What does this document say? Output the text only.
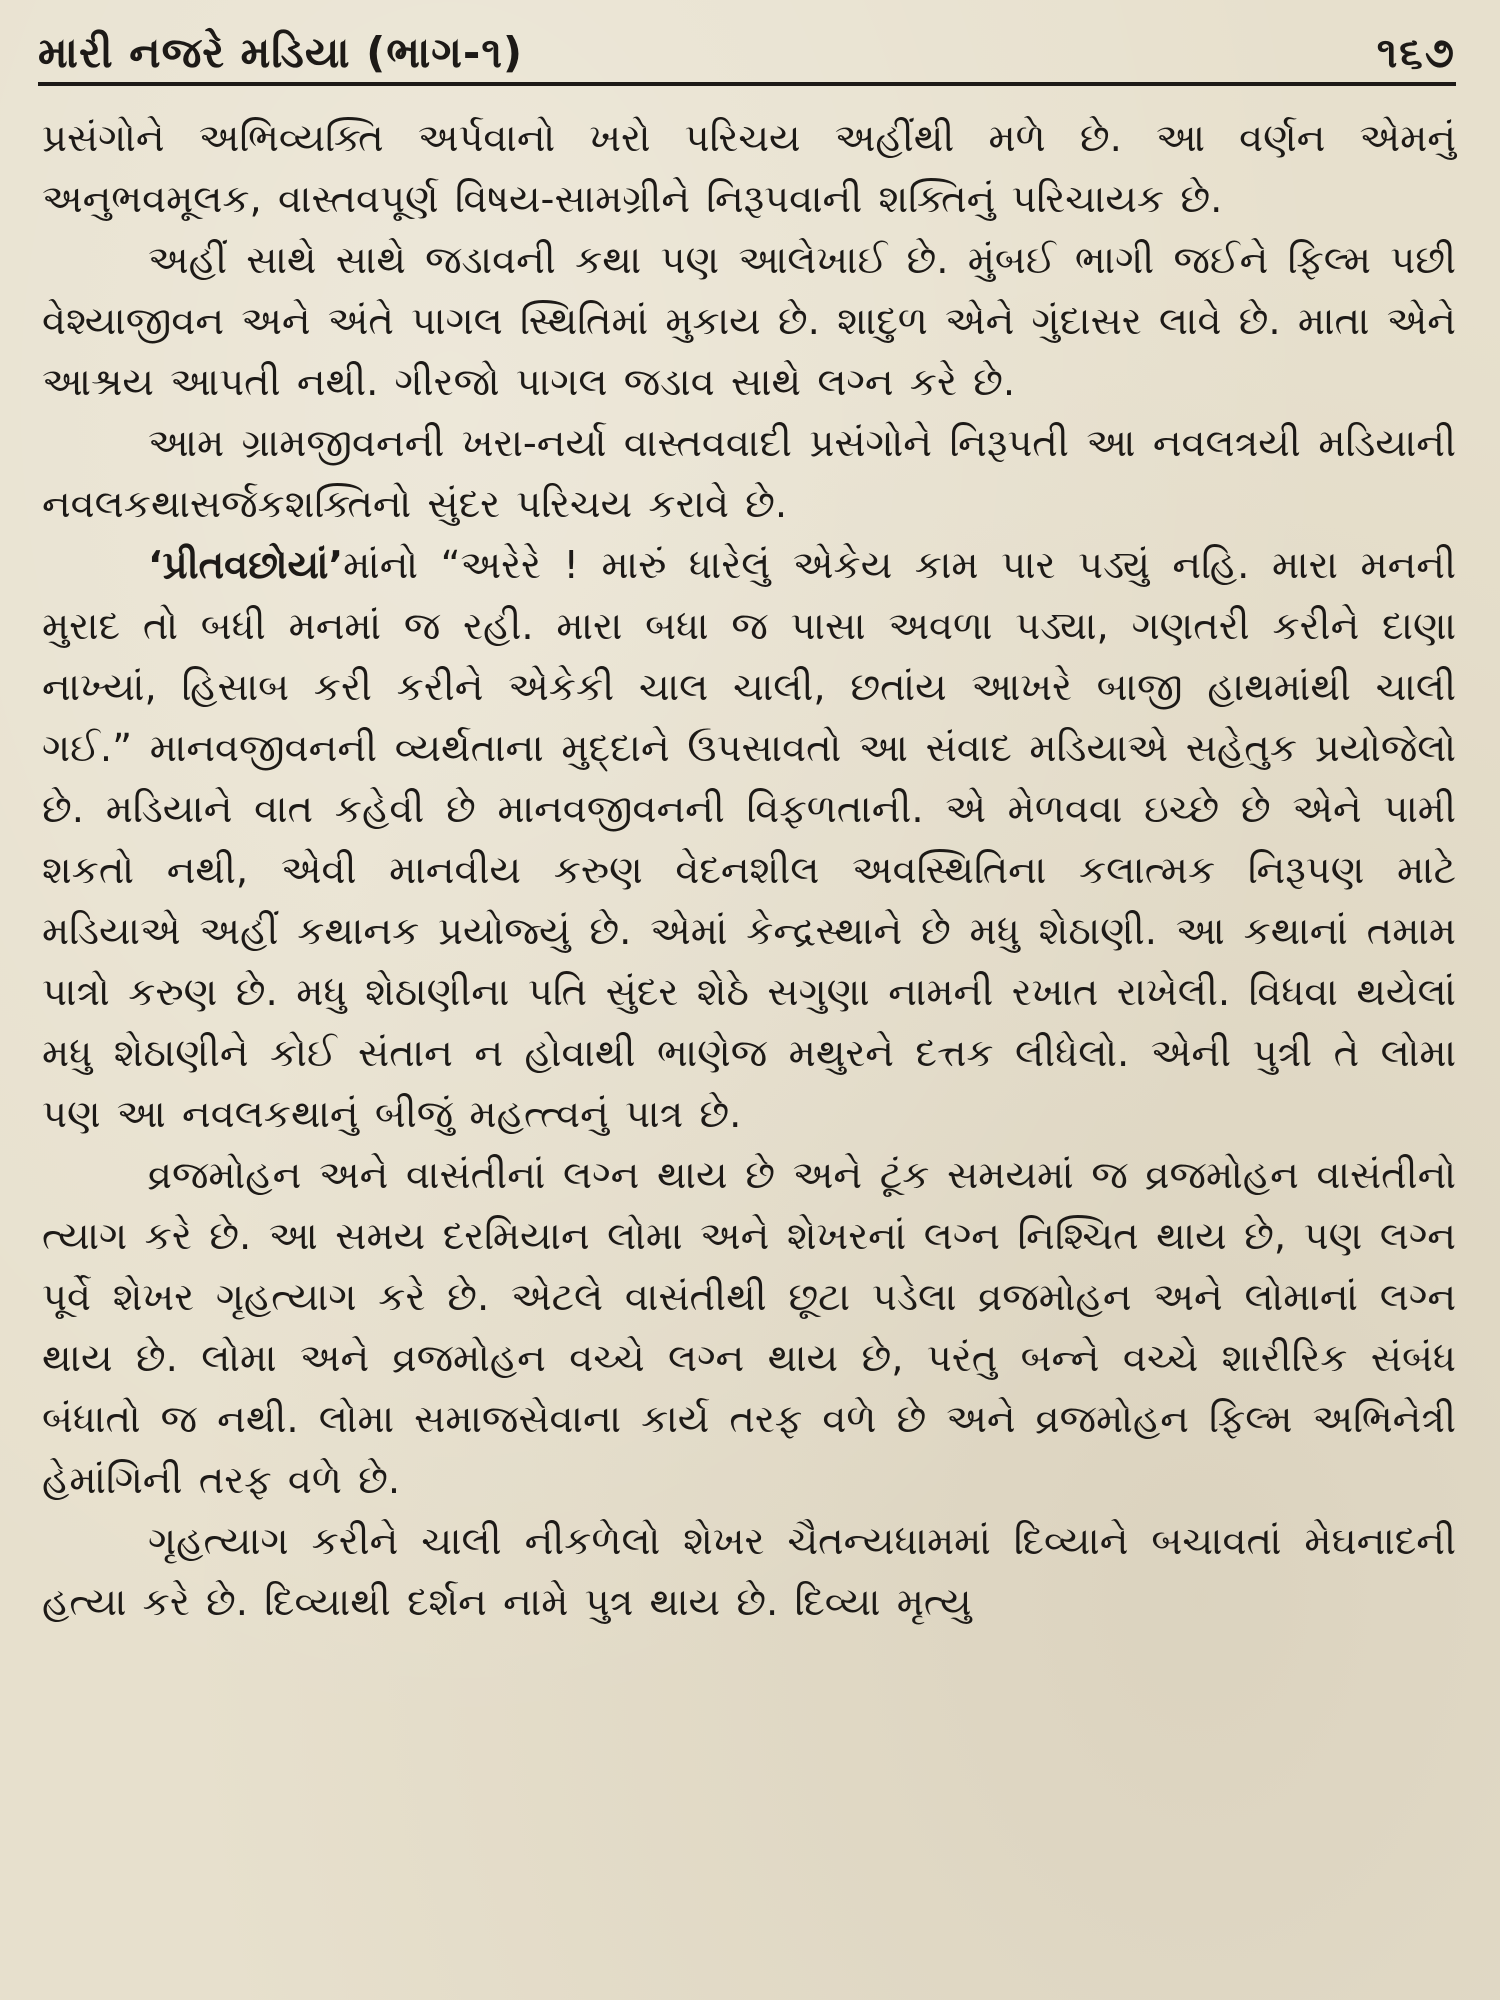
મારી નજરે મડિયા (ભાગ-૧)	૧૬૭

પ્રસંગોને અભિવ્યક્તિ અર્પવાનો ખરો પરિચય અહીંથી મળે છે. આ વર્ણન એમનું અનુભવમૂલક, વાસ્તવપૂર્ણ વિષય-સામગ્રીને નિરૂપવાની શક્તિનું પરિચાયક છે.

અહીં સાથે સાથે જડાવની કથા પણ આલેખાઈ છે. મુંબઈ ભાગી જઈને ફિલ્મ પછી વેશ્યાજીવન અને અંતે પાગલ સ્થિતિમાં મુકાય છે. શાદુળ એને ગુંદાસર લાવે છે. માતા એને આશ્રય આપતી નથી. ગીરજો પાગલ જડાવ સાથે લગ્ન કરે છે.

આમ ગ્રામજીવનની ખરા-નર્યા વાસ્તવવાદી પ્રસંગોને નિરૂપતી આ નવલત્રયી મડિયાની નવલકથાસર્જકશક્તિનો સુંદર પરિચય કરાવે છે.

‘પ્રીતવછોયાં’માંનો “અરેરે ! મારું ધારેલું એકેય કામ પાર પડ્યું નહિ. મારા મનની મુરાદ તો બધી મનમાં જ રહી. મારા બધા જ પાસા અવળા પડ્યા, ગણતરી કરીને દાણા નાખ્યાં, હિસાબ કરી કરીને એકેકી ચાલ ચાલી, છતાંય આખરે બાજી હાથમાંથી ચાલી ગઈ.” માનવજીવનની વ્યર્થતાના મુદ્દાને ઉપસાવતો આ સંવાદ મડિયાએ સહેતુક પ્રયોજેલો છે. મડિયાને વાત કહેવી છે માનવજીવનની વિફળતાની. એ મેળવવા ઇચ્છે છે એને પામી શકતો નથી, એવી માનવીય કરુણ વેદનશીલ અવસ્થિતિના કલાત્મક નિરૂપણ માટે મડિયાએ અહીં કથાનક પ્રયોજ્યું છે. એમાં કેન્દ્રસ્થાને છે મધુ શેઠાણી. આ કથાનાં તમામ પાત્રો કરુણ છે. મધુ શેઠાણીના પતિ સુંદર શેઠે સગુણા નામની રખાત રાખેલી. વિધવા થયેલાં મધુ શેઠાણીને કોઈ સંતાન ન હોવાથી ભાણેજ મથુરને દત્તક લીધેલો. એની પુત્રી તે લોમા પણ આ નવલકથાનું બીજું મહત્ત્વનું પાત્ર છે.

વ્રજમોહન અને વાસંતીનાં લગ્ન થાય છે અને ટૂંક સમયમાં જ વ્રજમોહન વાસંતીનો ત્યાગ કરે છે. આ સમય દરમિયાન લોમા અને શેખરનાં લગ્ન નિશ્ચિત થાય છે, પણ લગ્ન પૂર્વે શેખર ગૃહત્યાગ કરે છે. એટલે વાસંતીથી છૂટા પડેલા વ્રજમોહન અને લોમાનાં લગ્ન થાય છે. લોમા અને વ્રજમોહન વચ્ચે લગ્ન થાય છે, પરંતુ બન્ને વચ્ચે શારીરિક સંબંધ બંધાતો જ નથી. લોમા સમાજસેવાના કાર્ય તરફ વળે છે અને વ્રજમોહન ફિલ્મ અભિનેત્રી હેમાંગિની તરફ વળે છે.

ગૃહત્યાગ કરીને ચાલી નીકળેલો શેખર ચૈતન્યધામમાં દિવ્યાને બચાવતાં મેઘનાદની હત્યા કરે છે. દિવ્યાથી દર્શન નામે પુત્ર થાય છે. દિવ્યા મૃત્યુ
